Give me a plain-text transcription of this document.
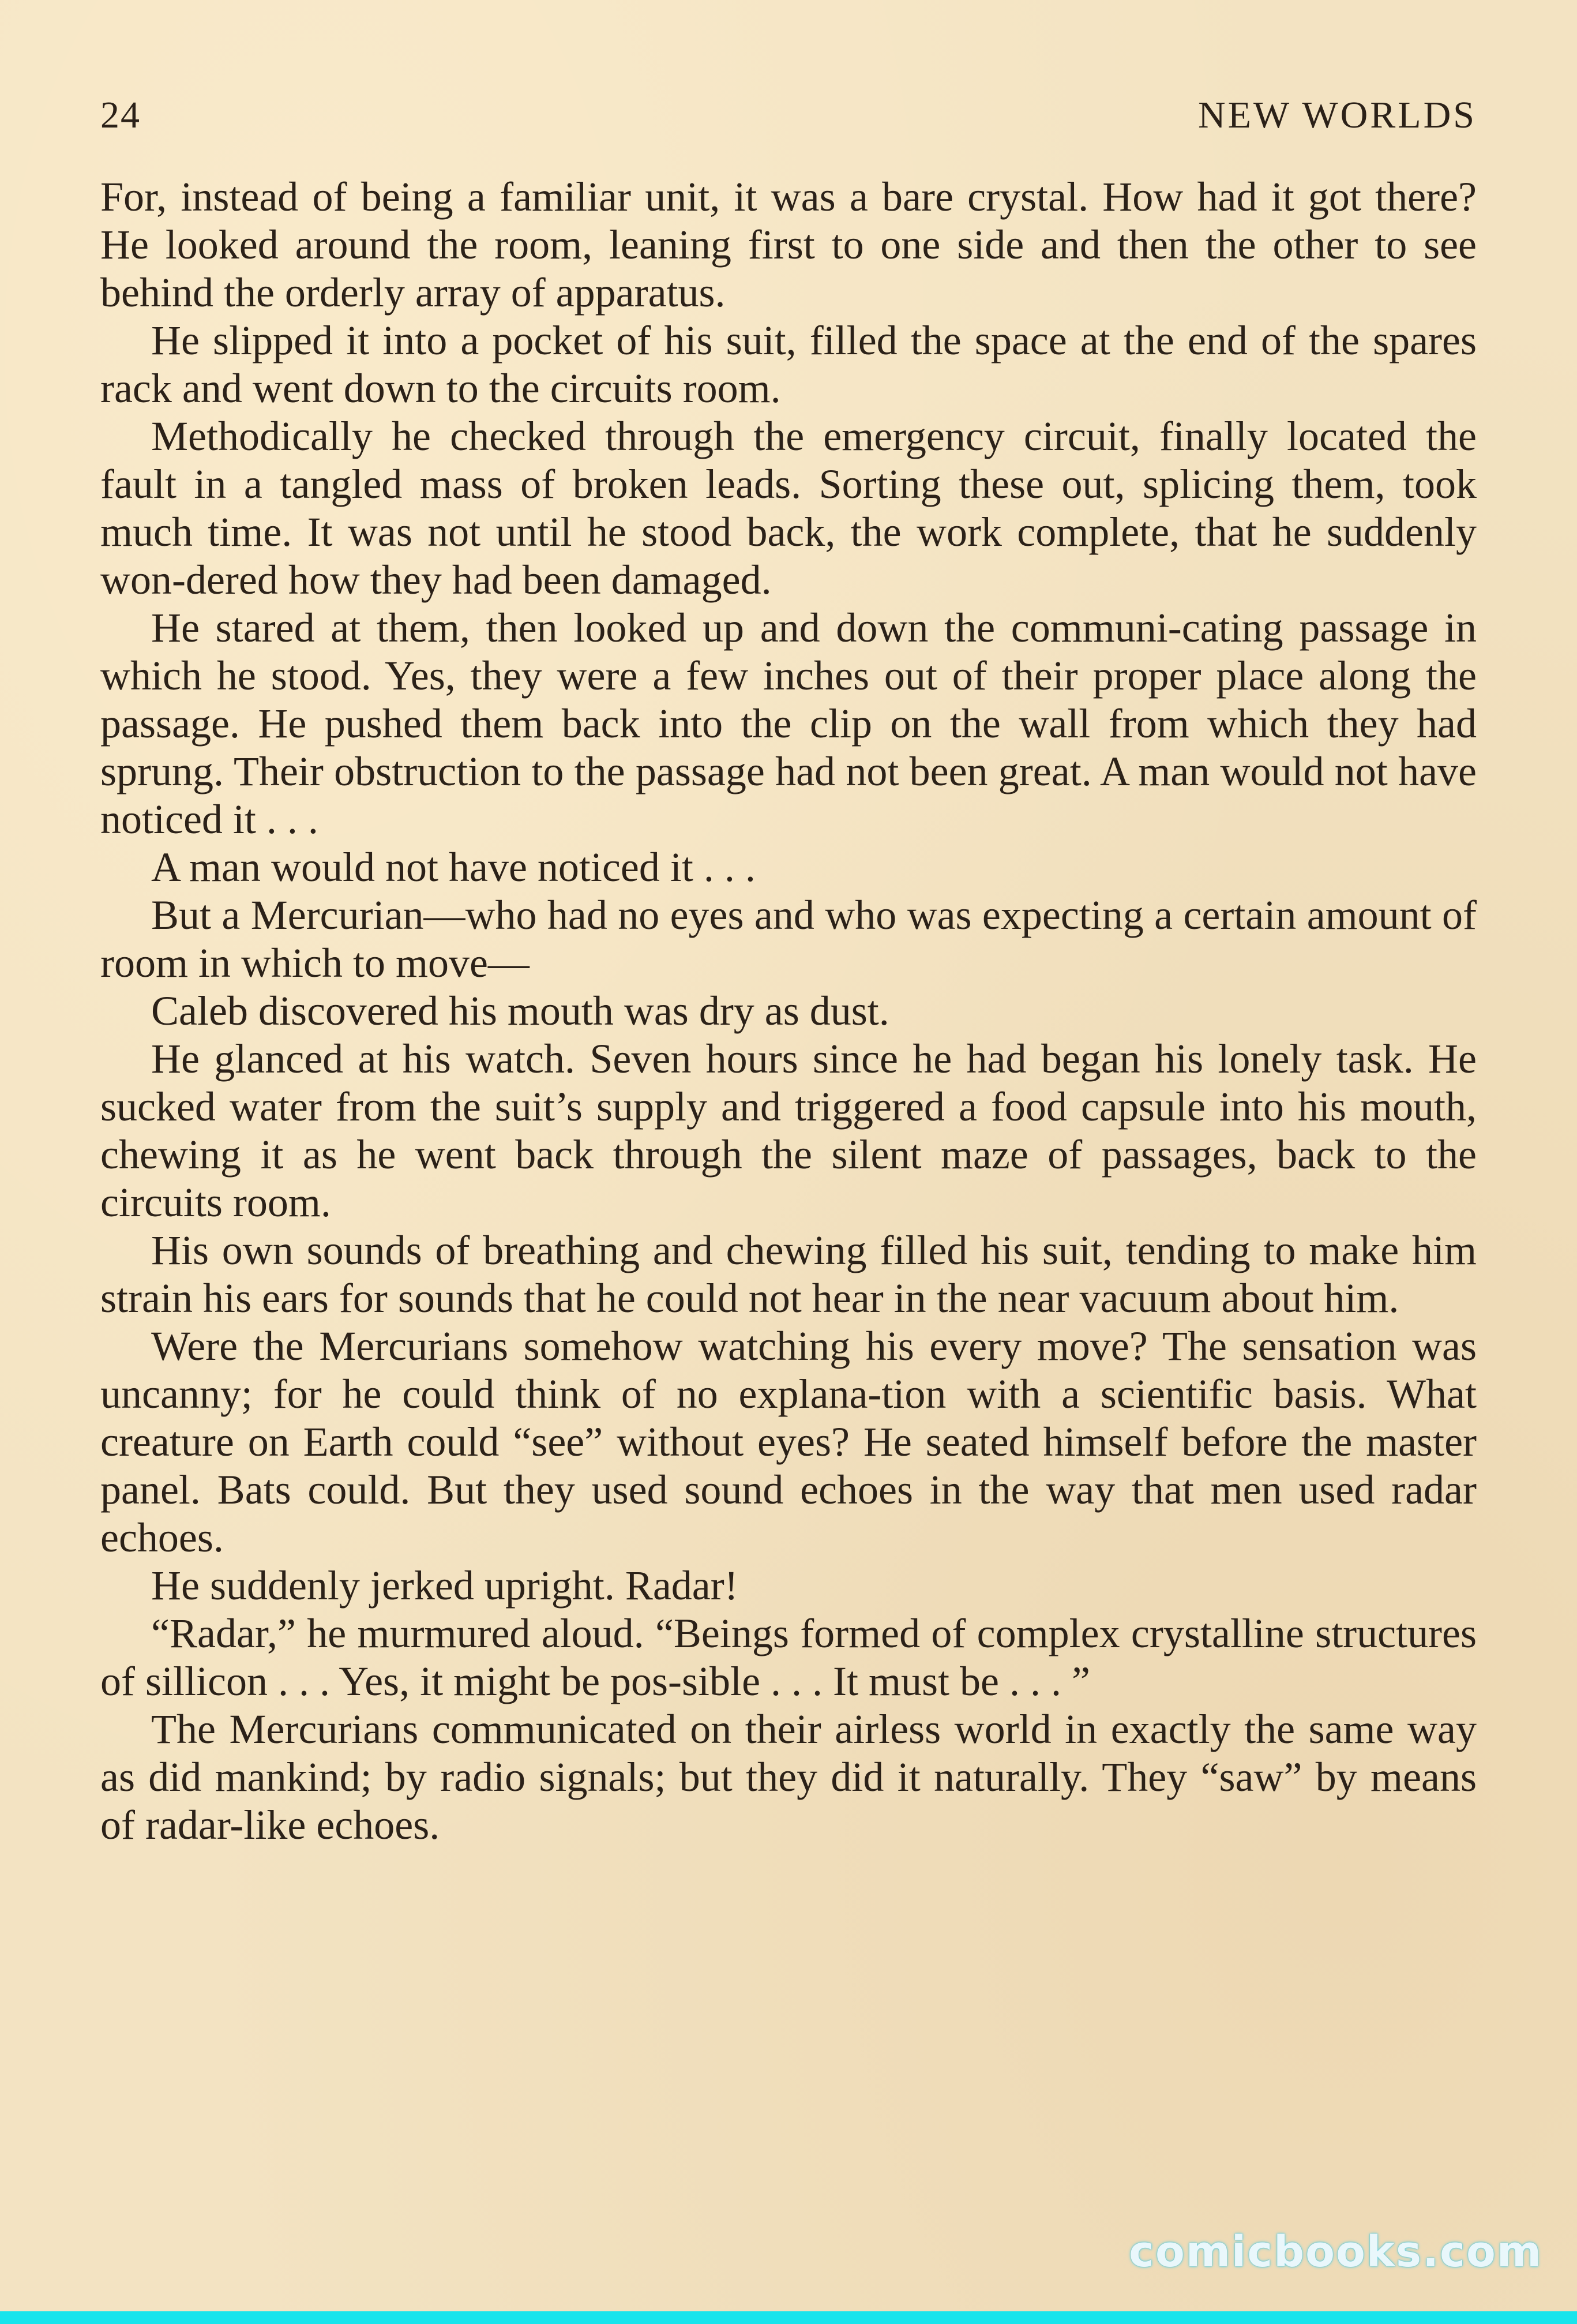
24	NEW WORLDS

For, instead of being a familiar unit, it was a bare crystal. How had it got there? He looked around the room, leaning first to one side and then the other to see behind the orderly array of apparatus.

He slipped it into a pocket of his suit, filled the space at the end of the spares rack and went down to the circuits room.

Methodically he checked through the emergency circuit, finally located the fault in a tangled mass of broken leads. Sorting these out, splicing them, took much time. It was not until he stood back, the work complete, that he suddenly won-dered how they had been damaged.

He stared at them, then looked up and down the communi-cating passage in which he stood. Yes, they were a few inches out of their proper place along the passage. He pushed them back into the clip on the wall from which they had sprung. Their obstruction to the passage had not been great. A man would not have noticed it . . .

A man would not have noticed it . . .

But a Mercurian—who had no eyes and who was expecting a certain amount of room in which to move—

Caleb discovered his mouth was dry as dust.

He glanced at his watch. Seven hours since he had began his lonely task. He sucked water from the suit’s supply and triggered a food capsule into his mouth, chewing it as he went back through the silent maze of passages, back to the circuits room.

His own sounds of breathing and chewing filled his suit, tending to make him strain his ears for sounds that he could not hear in the near vacuum about him.

Were the Mercurians somehow watching his every move? The sensation was uncanny; for he could think of no explana-tion with a scientific basis. What creature on Earth could “see” without eyes? He seated himself before the master panel. Bats could. But they used sound echoes in the way that men used radar echoes.

He suddenly jerked upright. Radar!

“Radar,” he murmured aloud. “Beings formed of complex crystalline structures of sillicon . . . Yes, it might be pos-sible . . . It must be . . . ”

The Mercurians communicated on their airless world in exactly the same way as did mankind; by radio signals; but they did it naturally. They “saw” by means of radar-like echoes.

comicbooks.com
